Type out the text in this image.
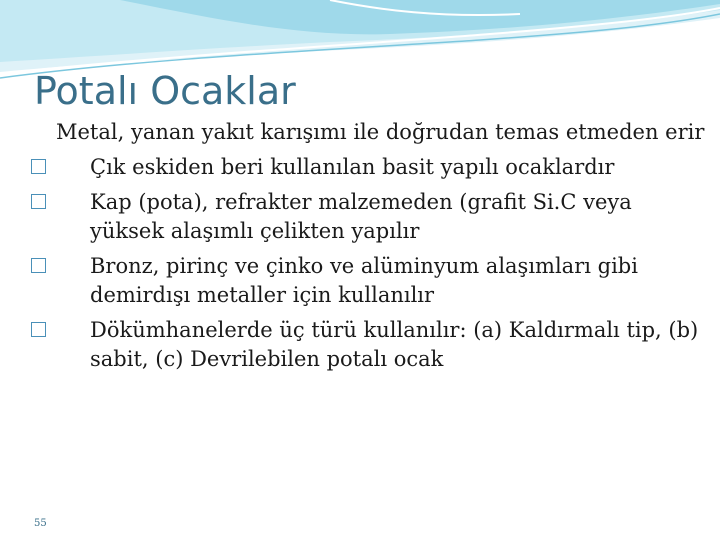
Potalı Ocaklar

Metal, yanan yakıt karışımı ile doğrudan temas etmeden erir

Çık eskiden beri kullanılan basit yapılı ocaklardır
Kap (pota), refrakter malzemeden (grafit Si.C veya yüksek alaşımlı çelikten yapılır
Bronz, pirinç ve çinko ve alüminyum alaşımları gibi demirdışı metaller için kullanılır
Dökümhanelerde üç türü kullanılır: (a) Kaldırmalı tip, (b) sabit, (c) Devrilebilen potalı ocak
55
